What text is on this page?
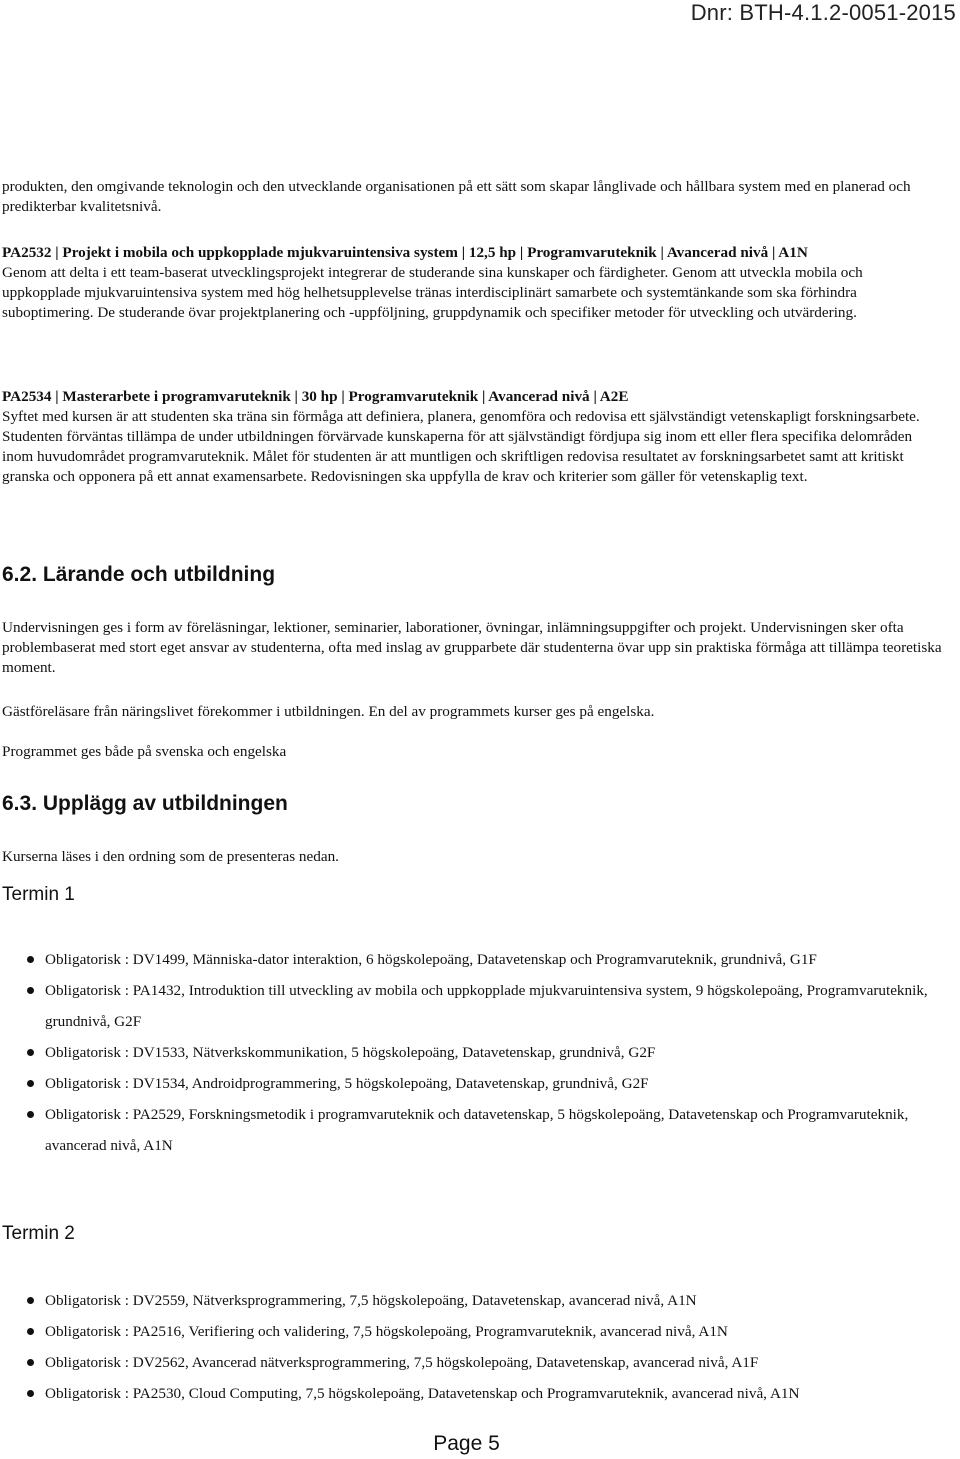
Dnr: BTH-4.1.2-0051-2015
produkten, den omgivande teknologin och den utvecklande organisationen på ett sätt som skapar långlivade och hållbara system med en planerad och predikterbar kvalitetsnivå.
PA2532 | Projekt i mobila och uppkopplade mjukvaruintensiva system | 12,5 hp | Programvaruteknik | Avancerad nivå | A1N
Genom att delta i ett team-baserat utvecklingsprojekt integrerar de studerande sina kunskaper och färdigheter. Genom att utveckla mobila och uppkopplade mjukvaruintensiva system med hög helhetsupplevelse tränas interdisciplinärt samarbete och systemtänkande som ska förhindra suboptimering. De studerande övar projektplanering och -uppföljning, gruppdynamik och specifiker metoder för utveckling och utvärdering.
PA2534 | Masterarbete i programvaruteknik | 30 hp | Programvaruteknik | Avancerad nivå | A2E
Syftet med kursen är att studenten ska träna sin förmåga att definiera, planera, genomföra och redovisa ett självständigt vetenskapligt forskningsarbete. Studenten förväntas tillämpa de under utbildningen förvärvade kunskaperna för att självständigt fördjupa sig inom ett eller flera specifika delområden inom huvudområdet programvaruteknik. Målet för studenten är att muntligen och skriftligen redovisa resultatet av forskningsarbetet samt att kritiskt granska och opponera på ett annat examensarbete. Redovisningen ska uppfylla de krav och kriterier som gäller för vetenskaplig text.
6.2. Lärande och utbildning
Undervisningen ges i form av föreläsningar, lektioner, seminarier, laborationer, övningar, inlämningsuppgifter och projekt. Undervisningen sker ofta problembaserat med stort eget ansvar av studenterna, ofta med inslag av grupparbete där studenterna övar upp sin praktiska förmåga att tillämpa teoretiska moment.
Gästföreläsare från näringslivet förekommer i utbildningen. En del av programmets kurser ges på engelska.
Programmet ges både på svenska och engelska
6.3. Upplägg av utbildningen
Kurserna läses i den ordning som de presenteras nedan.
Termin 1
Obligatorisk : DV1499, Människa-dator interaktion, 6 högskolepoäng, Datavetenskap och Programvaruteknik, grundnivå, G1F
Obligatorisk : PA1432, Introduktion till utveckling av mobila och uppkopplade mjukvaruintensiva system, 9 högskolepoäng, Programvaruteknik, grundnivå, G2F
Obligatorisk : DV1533, Nätverkskommunikation, 5 högskolepoäng, Datavetenskap, grundnivå, G2F
Obligatorisk : DV1534, Androidprogrammering, 5 högskolepoäng, Datavetenskap, grundnivå, G2F
Obligatorisk : PA2529, Forskningsmetodik i programvaruteknik och datavetenskap, 5 högskolepoäng, Datavetenskap och Programvaruteknik, avancerad nivå, A1N
Termin 2
Obligatorisk : DV2559, Nätverksprogrammering, 7,5 högskolepoäng, Datavetenskap, avancerad nivå, A1N
Obligatorisk : PA2516, Verifiering och validering, 7,5 högskolepoäng, Programvaruteknik, avancerad nivå, A1N
Obligatorisk : DV2562, Avancerad nätverksprogrammering, 7,5 högskolepoäng, Datavetenskap, avancerad nivå, A1F
Obligatorisk : PA2530, Cloud Computing, 7,5 högskolepoäng, Datavetenskap och Programvaruteknik, avancerad nivå, A1N
Page 5
